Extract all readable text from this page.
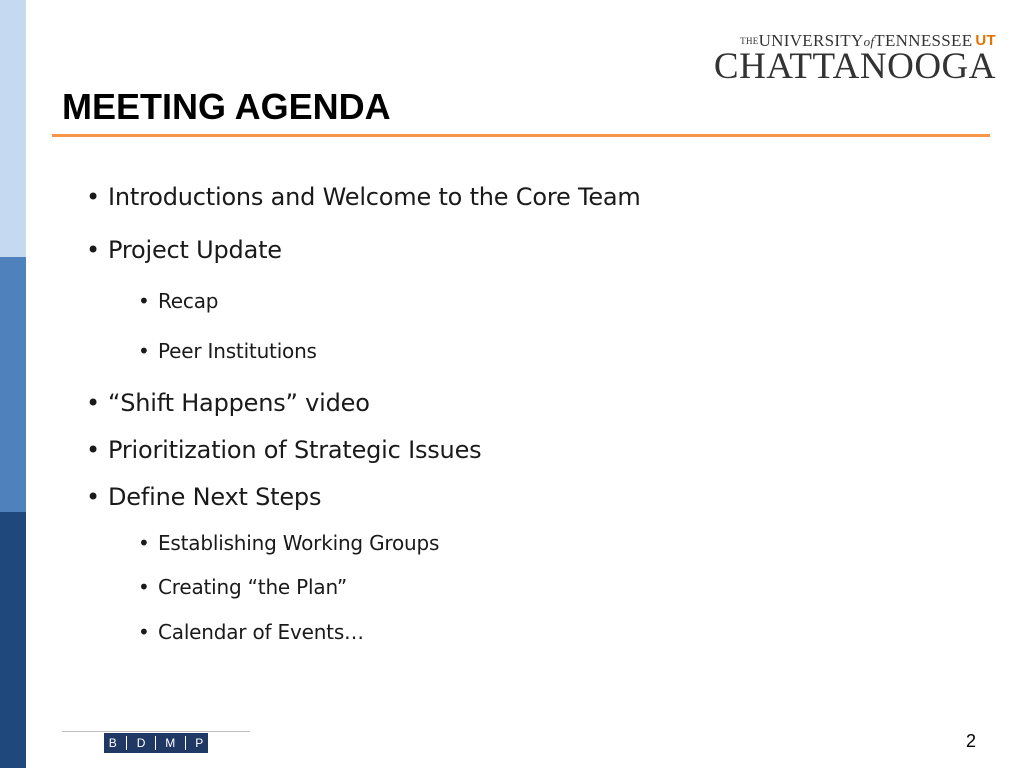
THEUNIVERSITYofTENNESSEE UT
CHATTANOOGA
MEETING AGENDA
• Introductions and Welcome to the Core Team
• Project Update
• Recap
• Peer Institutions
• “Shift Happens” video
• Prioritization of Strategic Issues
• Define Next Steps
• Establishing Working Groups
• Creating “the Plan”
• Calendar of Events…
B D M P	2
